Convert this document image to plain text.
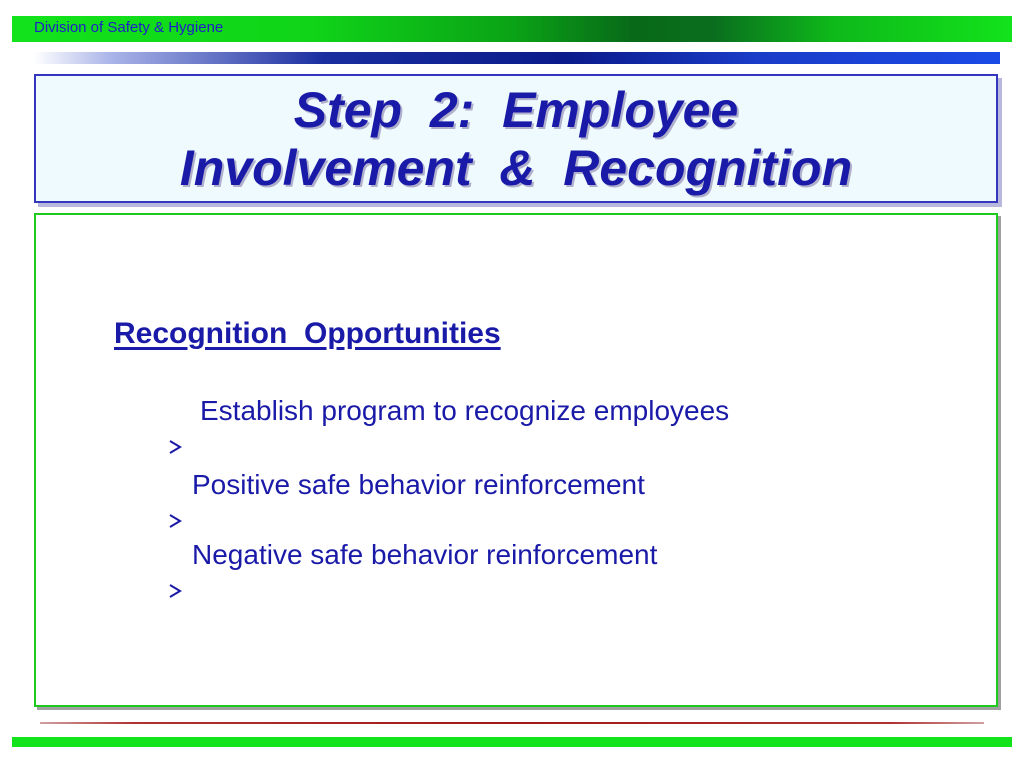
Division of Safety & Hygiene
Step  2:  Employee
Involvement  &  Recognition
Recognition  Opportunities

Establish program to recognize employees

Positive safe behavior reinforcement

Negative safe behavior reinforcement
